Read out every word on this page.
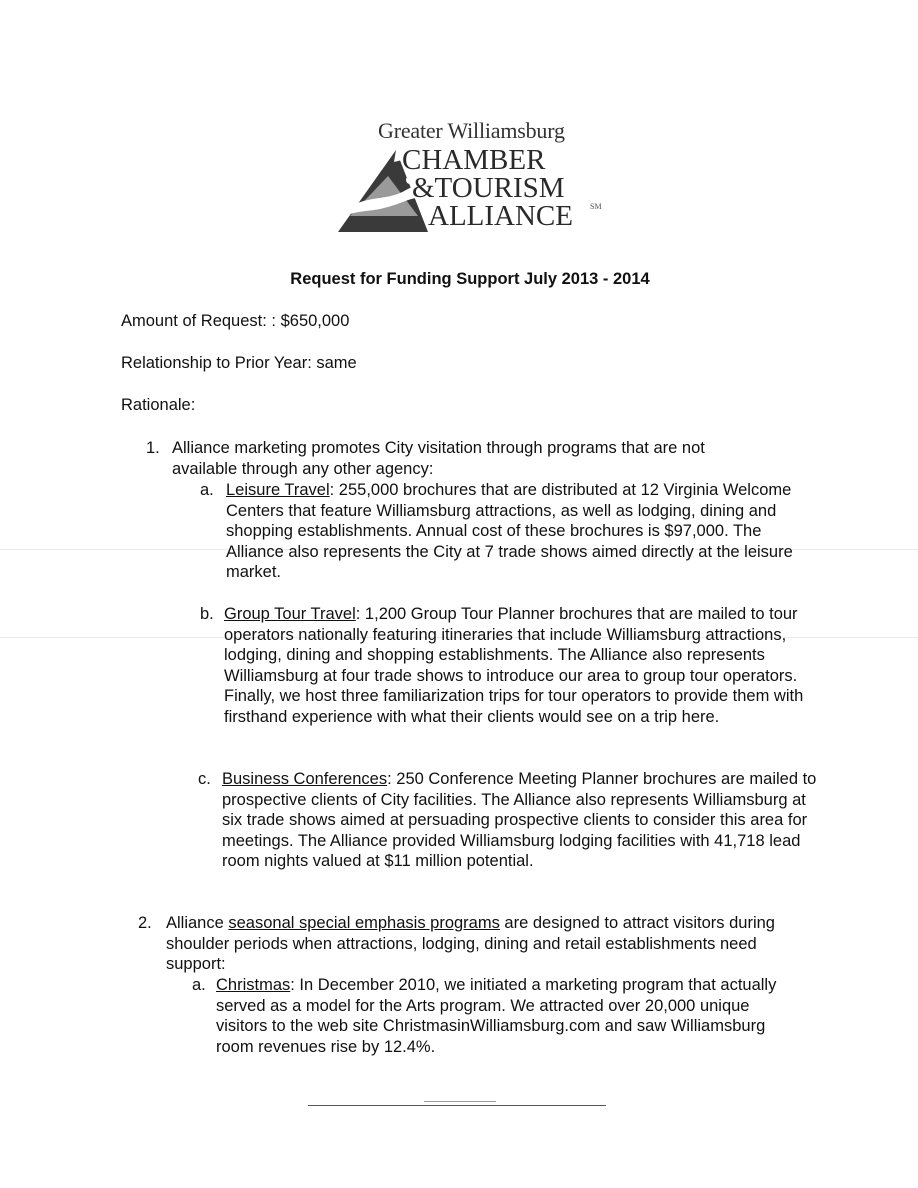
Greater Williamsburg
CHAMBER
&TOURISM
ALLIANCE SM
Request for Funding Support July 2013 - 2014
Amount of Request: : $650,000
Relationship to Prior Year: same
Rationale:
1. Alliance marketing promotes City visitation through programs that are not available through any other agency:
a. Leisure Travel: 255,000 brochures that are distributed at 12 Virginia Welcome Centers that feature Williamsburg attractions, as well as lodging, dining and shopping establishments. Annual cost of these brochures is $97,000. The Alliance also represents the City at 7 trade shows aimed directly at the leisure market.
b. Group Tour Travel: 1,200 Group Tour Planner brochures that are mailed to tour operators nationally featuring itineraries that include Williamsburg attractions, lodging, dining and shopping establishments. The Alliance also represents Williamsburg at four trade shows to introduce our area to group tour operators. Finally, we host three familiarization trips for tour operators to provide them with firsthand experience with what their clients would see on a trip here.
c. Business Conferences: 250 Conference Meeting Planner brochures are mailed to prospective clients of City facilities. The Alliance also represents Williamsburg at six trade shows aimed at persuading prospective clients to consider this area for meetings. The Alliance provided Williamsburg lodging facilities with 41,718 lead room nights valued at $11 million potential.
2. Alliance seasonal special emphasis programs are designed to attract visitors during shoulder periods when attractions, lodging, dining and retail establishments need support:
a. Christmas: In December 2010, we initiated a marketing program that actually served as a model for the Arts program. We attracted over 20,000 unique visitors to the web site ChristmasinWilliamsburg.com and saw Williamsburg room revenues rise by 12.4%.
